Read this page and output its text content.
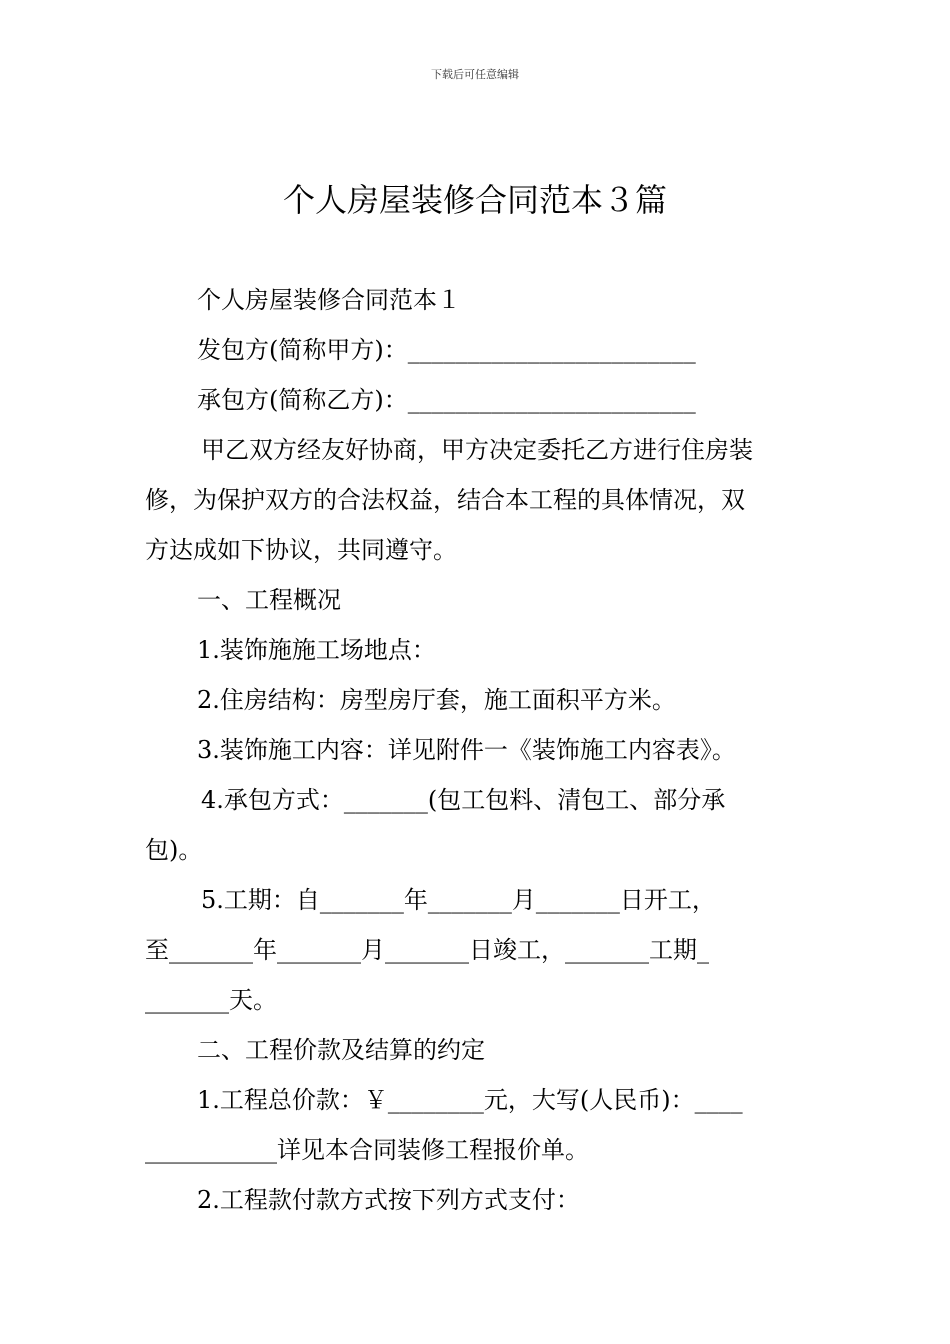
下载后可任意编辑
个人房屋装修合同范本３篇
个人房屋装修合同范本１
发包方(简称甲方)：________________________
承包方(简称乙方)：________________________
甲乙双方经友好协商，甲方决定委托乙方进行住房装
修，为保护双方的合法权益，结合本工程的具体情况，双
方达成如下协议，共同遵守。
一、工程概况
1.装饰施施工场地点：
2.住房结构：房型房厅套，施工面积平方米。
3.装饰施工内容：详见附件一《装饰施工内容表》。
4.承包方式：_______(包工包料、清包工、部分承
包)。
5.工期：自_______年_______月_______日开工，
至_______年_______月_______日竣工，_______工期_
_______天。
二、工程价款及结算的约定
1.工程总价款：￥________元，大写(人民币)：____
___________详见本合同装修工程报价单。
2.工程款付款方式按下列方式支付：
